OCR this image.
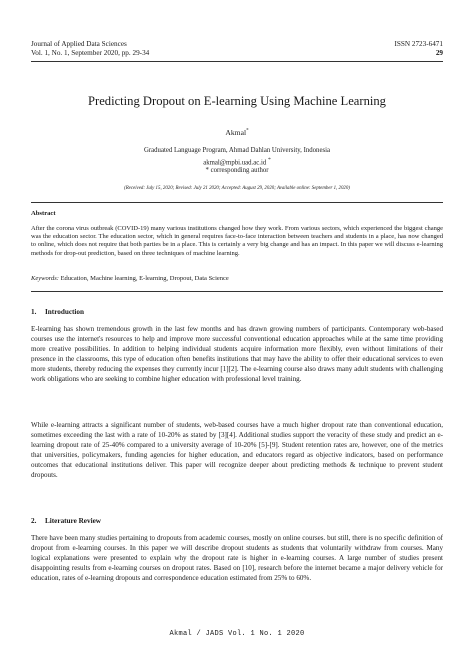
Journal of Applied Data Sciences
Vol. 1, No. 1, September 2020, pp. 29-34
ISSN 2723-6471
29
Predicting Dropout on E-learning Using Machine Learning
Akmal*
Graduated Language Program, Ahmad Dahlan University, Indonesia
akmal@mpbi.uad.ac.id *
* corresponding author
(Received: July 15, 2020; Revised: July 21 2020; Accepted: August 29, 2020; Available online: September 1, 2020)
Abstract
After the corona virus outbreak (COVID-19) many various institutions changed how they work. From various sectors, which experienced the biggest change was the education sector. The education sector, which in general requires face-to-face interaction between teachers and students in a place, has now changed to online, which does not require that both parties be in a place. This is certainly a very big change and has an impact. In this paper we will discuss e-learning methods for drop-out prediction, based on three techniques of machine learning.
Keywords: Education, Machine learning, E-learning, Dropout, Data Science
1. Introduction
E-learning has shown tremendous growth in the last few months and has drawn growing numbers of participants. Contemporary web-based courses use the internet's resources to help and improve more successful conventional education approaches while at the same time providing more creative possibilities. In addition to helping individual students acquire information more flexibly, even without limitations of their presence in the classrooms, this type of education often benefits institutions that may have the ability to offer their educational services to even more students, thereby reducing the expenses they currently incur [1][2]. The e-learning course also draws many adult students with challenging work obligations who are seeking to combine higher education with professional level training.
While e-learning attracts a significant number of students, web-based courses have a much higher dropout rate than conventional education, sometimes exceeding the last with a rate of 10-20% as stated by [3][4]. Additional studies support the veracity of these study and predict an e-learning dropout rate of 25-40% compared to a university average of 10-20% [5]-[9]. Student retention rates are, however, one of the metrics that universities, policymakers, funding agencies for higher education, and educators regard as objective indicators, based on performance outcomes that educational institutions deliver. This paper will recognize deeper about predicting methods & technique to prevent student dropouts.
2. Literature Review
There have been many studies pertaining to dropouts from academic courses, mostly on online courses. but still, there is no specific definition of dropout from e-learning courses. In this paper we will describe dropout students as students that voluntarily withdraw from courses. Many logical explanations were presented to explain why the dropout rate is higher in e-learning courses. A large number of studies present disappointing results from e-learning courses on dropout rates. Based on [10], research before the internet became a major delivery vehicle for education, rates of e-learning dropouts and correspondence education estimated from 25% to 60%.
Akmal / JADS Vol. 1 No. 1 2020
